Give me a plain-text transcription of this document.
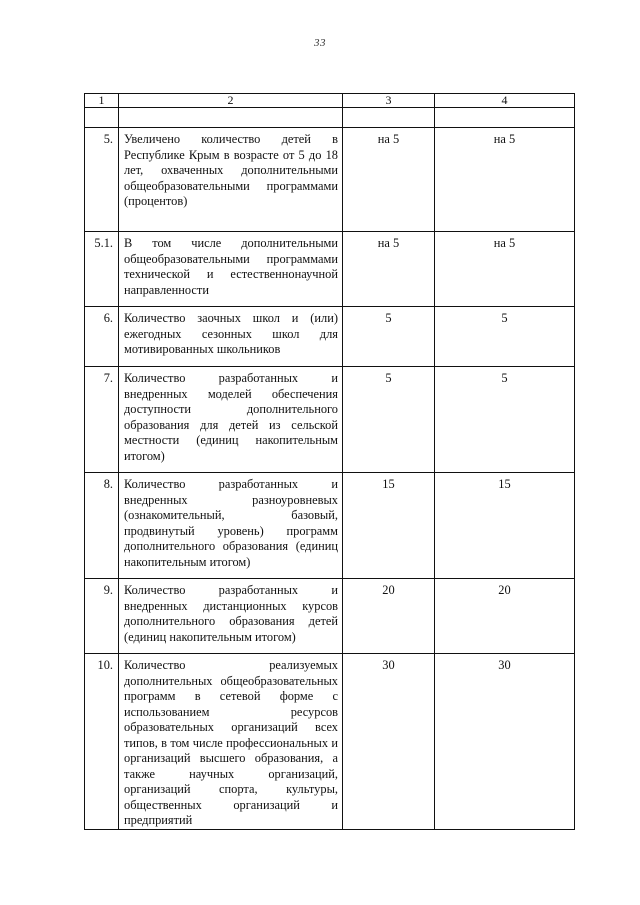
33
1	2	3	4

5.	Увеличено количество детей в Республике Крым в возрасте от 5 до 18 лет, охваченных дополнительными общеобразовательными программами (процентов)	на 5	на 5
5.1.	В том числе дополнительными общеобразовательными программами технической и естественнонаучной направленности	на 5	на 5
6.	Количество заочных школ и (или) ежегодных сезонных школ для мотивированных школьников	5	5
7.	Количество разработанных и внедренных моделей обеспечения доступности дополнительного образования для детей из сельской местности (единиц накопительным итогом)	5	5
8.	Количество разработанных и внедренных разноуровневых (ознакомительный, базовый, продвинутый уровень) программ дополнительного образования (единиц накопительным итогом)	15	15
9.	Количество разработанных и внедренных дистанционных курсов дополнительного образования детей (единиц накопительным итогом)	20	20
10.	Количество реализуемых дополнительных общеобразовательных программ в сетевой форме с использованием ресурсов образовательных организаций всех типов, в том числе профессиональных и организаций высшего образования, а также научных организаций, организаций спорта, культуры, общественных организаций и предприятий	30	30
